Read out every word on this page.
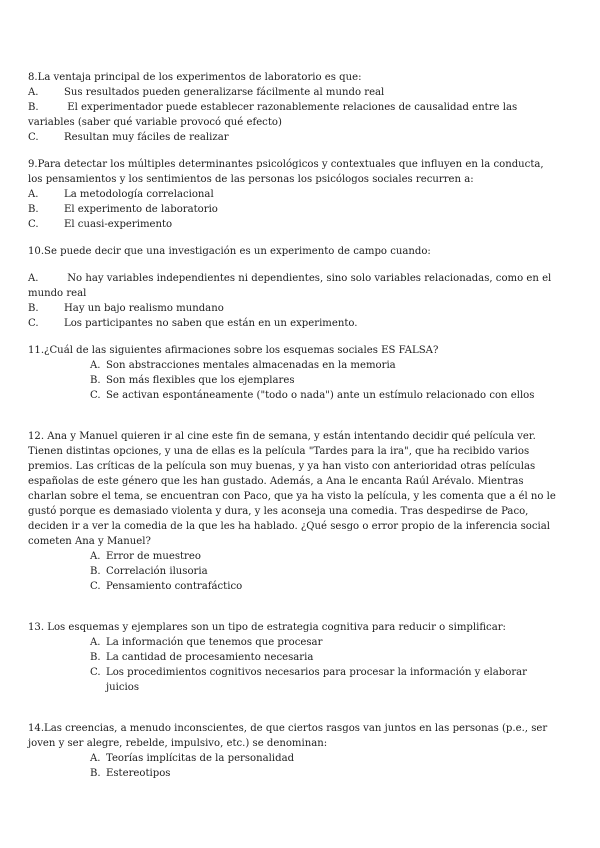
8.La ventaja principal de los experimentos de laboratorio es que:
A.	Sus resultados pueden generalizarse fácilmente al mundo real
B.	El experimentador puede establecer razonablemente relaciones de causalidad entre las variables (saber qué variable provocó qué efecto)
C.	Resultan muy fáciles de realizar
9.Para detectar los múltiples determinantes psicológicos y contextuales que influyen en la conducta, los pensamientos y los sentimientos de las personas los psicólogos sociales recurren a:
A.	La metodología correlacional
B.	El experimento de laboratorio
C.	El cuasi-experimento
10.Se puede decir que una investigación es un experimento de campo cuando:
A.	No hay variables independientes ni dependientes, sino solo variables relacionadas, como en el mundo real
B.	Hay un bajo realismo mundano
C.	Los participantes no saben que están en un experimento.
11.¿Cuál de las siguientes afirmaciones sobre los esquemas sociales ES FALSA?
A. Son abstracciones mentales almacenadas en la memoria
B. Son más flexibles que los ejemplares
C. Se activan espontáneamente ("todo o nada") ante un estímulo relacionado con ellos
12. Ana y Manuel quieren ir al cine este fin de semana, y están intentando decidir qué película ver. Tienen distintas opciones, y una de ellas es la película "Tardes para la ira", que ha recibido varios premios. Las críticas de la película son muy buenas, y ya han visto con anterioridad otras películas españolas de este género que les han gustado. Además, a Ana le encanta Raúl Arévalo. Mientras charlan sobre el tema, se encuentran con Paco, que ya ha visto la película, y les comenta que a él no le gustó porque es demasiado violenta y dura, y les aconseja una comedia. Tras despedirse de Paco, deciden ir a ver la comedia de la que les ha hablado. ¿Qué sesgo o error propio de la inferencia social cometen Ana y Manuel?
A. Error de muestreo
B. Correlación ilusoria
C. Pensamiento contrafáctico
13. Los esquemas y ejemplares son un tipo de estrategia cognitiva para reducir o simplificar:
A. La información que tenemos que procesar
B. La cantidad de procesamiento necesaria
C. Los procedimientos cognitivos necesarios para procesar la información y elaborar juicios
14.Las creencias, a menudo inconscientes, de que ciertos rasgos van juntos en las personas (p.e., ser joven y ser alegre, rebelde, impulsivo, etc.) se denominan:
A. Teorías implícitas de la personalidad
B. Estereotipos
